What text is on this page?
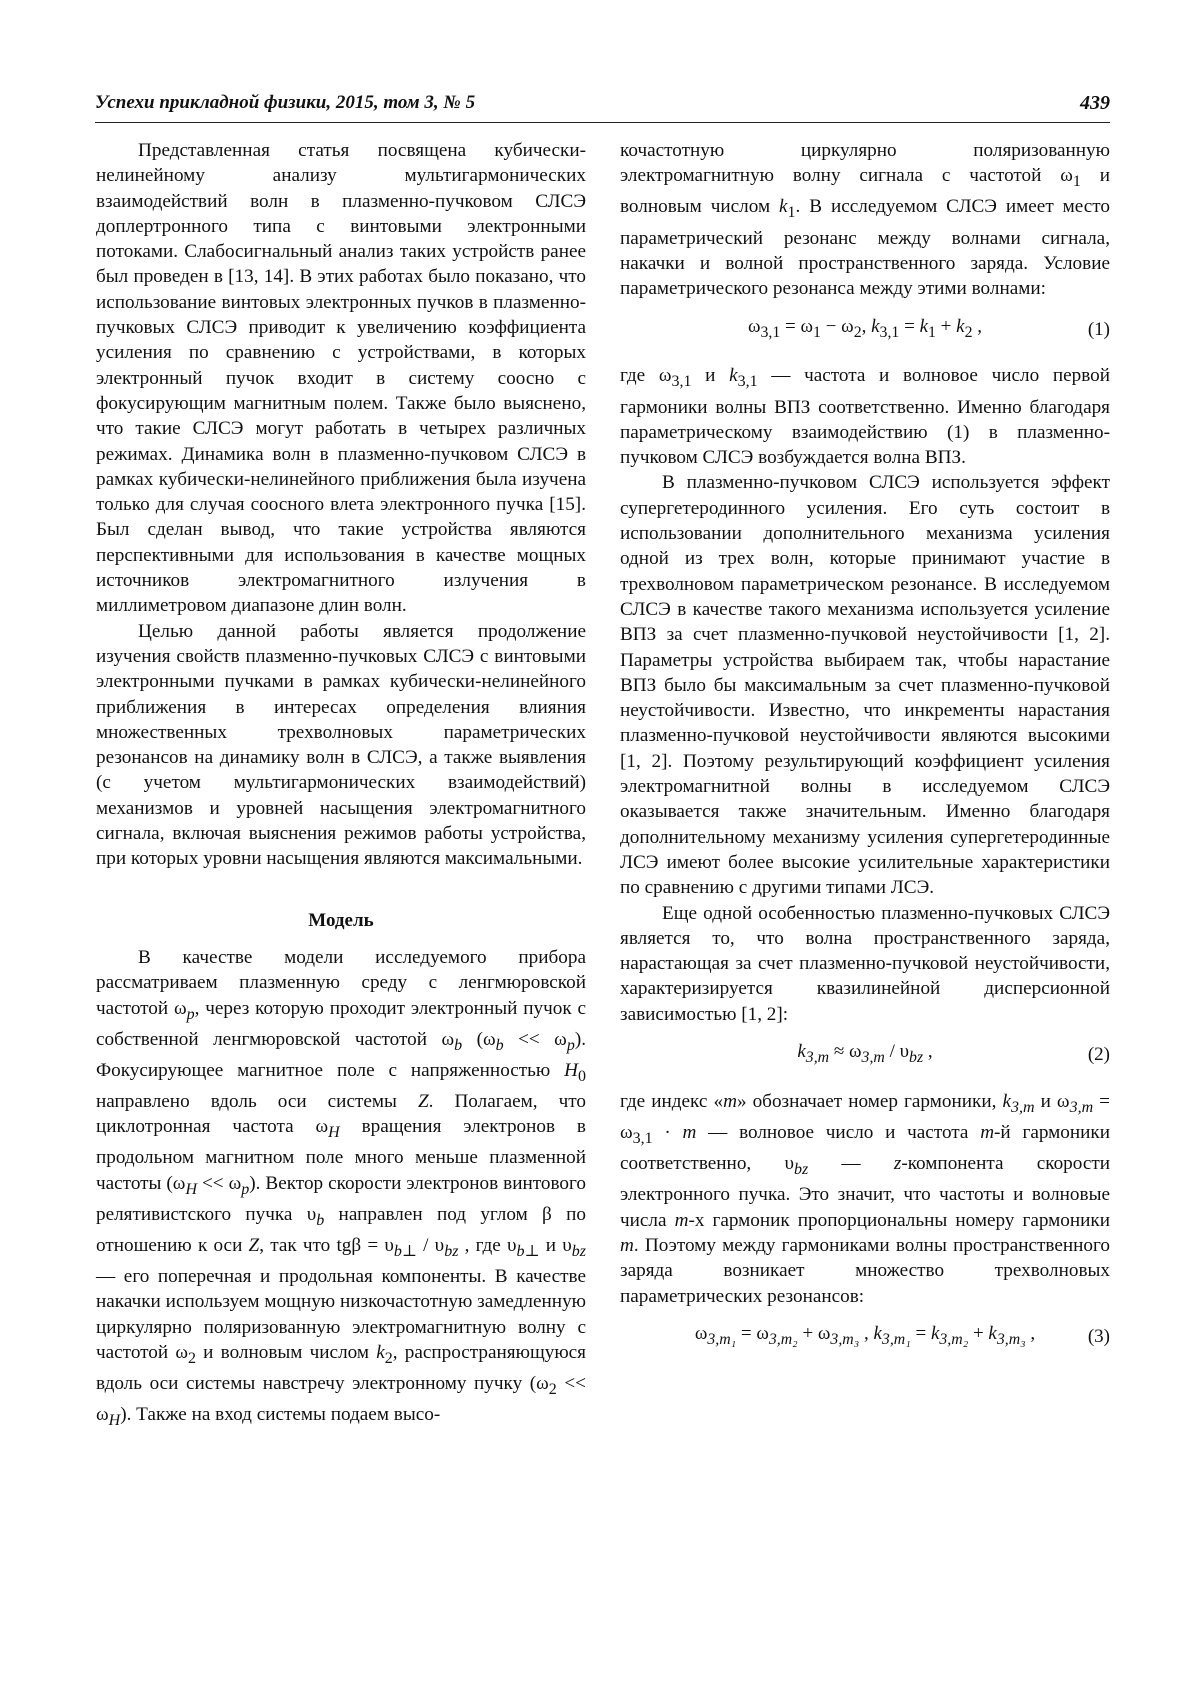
Успехи прикладной физики, 2015, том 3, № 5	439

Представленная статья посвящена кубически-нелинейному анализу мультигармонических взаимодействий волн в плазменно-пучковом СЛСЭ доплертронного типа с винтовыми электронными потоками. Слабосигнальный анализ таких устройств ранее был проведен в [13, 14]. В этих работах было показано, что использование винтовых электронных пучков в плазменно-пучковых СЛСЭ приводит к увеличению коэффициента усиления по сравнению с устройствами, в которых электронный пучок входит в систему соосно с фокусирующим магнитным полем. Также было выяснено, что такие СЛСЭ могут работать в четырех различных режимах. Динамика волн в плазменно-пучковом СЛСЭ в рамках кубически-нелинейного приближения была изучена только для случая соосного влета электронного пучка [15]. Был сделан вывод, что такие устройства являются перспективными для использования в качестве мощных источников электромагнитного излучения в миллиметровом диапазоне длин волн.

Целью данной работы является продолжение изучения свойств плазменно-пучковых СЛСЭ с винтовыми электронными пучками в рамках кубически-нелинейного приближения в интересах определения влияния множественных трехволновых параметрических резонансов на динамику волн в СЛСЭ, а также выявления (с учетом мультигармонических взаимодействий) механизмов и уровней насыщения электромагнитного сигнала, включая выяснения режимов работы устройства, при которых уровни насыщения являются максимальными.

Модель

В качестве модели исследуемого прибора рассматриваем плазменную среду с ленгмюровской частотой $\omega_p$, через которую проходит электронный пучок с собственной ленгмюровской частотой $\omega_b$ $(\omega_b << \omega_p)$. Фокусирующее магнитное поле с напряженностью $H_0$ направлено вдоль оси системы Z. Полагаем, что циклотронная частота $\omega_H$ вращения электронов в продольном магнитном поле много меньше плазменной частоты $(\omega_H << \omega_p)$. Вектор скорости электронов винтового релятивистского пучка $\upsilon_b$ направлен под углом β по отношению к оси Z, так что $tg\beta = \upsilon_{b\perp} / \upsilon_{bz}$ , где $\upsilon_{b\perp}$ и $\upsilon_{bz}$ — его поперечная и продольная компоненты. В качестве накачки используем мощную низкочастотную замедленную циркулярно поляризованную электромагнитную волну с частотой $\omega_2$ и волновым числом $k_2$, распространяющуюся вдоль оси системы навстречу электронному пучку $(\omega_2 << \omega_H)$. Также на вход системы подаем высо-

кочастотную циркулярно поляризованную электромагнитную волну сигнала с частотой $\omega_1$ и волновым числом $k_1$. В исследуемом СЛСЭ имеет место параметрический резонанс между волнами сигнала, накачки и волной пространственного заряда. Условие параметрического резонанса между этими волнами:

$\omega_{3,1} = \omega_1 - \omega_2$, $k_{3,1} = k_1 + k_2$ ,	(1)

где $\omega_{3,1}$ и $k_{3,1}$ — частота и волновое число первой гармоники волны ВПЗ соответственно. Именно благодаря параметрическому взаимодействию (1) в плазменно-пучковом СЛСЭ возбуждается волна ВПЗ.

В плазменно-пучковом СЛСЭ используется эффект супергетеродинного усиления. Его суть состоит в использовании дополнительного механизма усиления одной из трех волн, которые принимают участие в трехволновом параметрическом резонансе. В исследуемом СЛСЭ в качестве такого механизма используется усиление ВПЗ за счет плазменно-пучковой неустойчивости [1, 2]. Параметры устройства выбираем так, чтобы нарастание ВПЗ было бы максимальным за счет плазменно-пучковой неустойчивости. Известно, что инкременты нарастания плазменно-пучковой неустойчивости являются высокими [1, 2]. Поэтому результирующий коэффициент усиления электромагнитной волны в исследуемом СЛСЭ оказывается также значительным. Именно благодаря дополнительному механизму усиления супергетеродинные ЛСЭ имеют более высокие усилительные характеристики по сравнению с другими типами ЛСЭ.

Еще одной особенностью плазменно-пучковых СЛСЭ является то, что волна пространственного заряда, нарастающая за счет плазменно-пучковой неустойчивости, характеризируется квазилинейной дисперсионной зависимостью [1, 2]:

$k_{3,m} \approx \omega_{3,m} / \upsilon_{bz}$ ,	(2)

где индекс «m» обозначает номер гармоники, $k_{3,m}$ и $\omega_{3,m} = \omega_{3,1} \cdot m$ — волновое число и частота m-й гармоники соответственно, $\upsilon_{bz}$ — z-компонента скорости электронного пучка. Это значит, что частоты и волновые числа m-х гармоник пропорциональны номеру гармоники m. Поэтому между гармониками волны пространственного заряда возникает множество трехволновых параметрических резонансов:

$\omega_{3,m_1} = \omega_{3,m_2} + \omega_{3,m_3}$ , $k_{3,m_1} = k_{3,m_2} + k_{3,m_3}$ ,	(3)
